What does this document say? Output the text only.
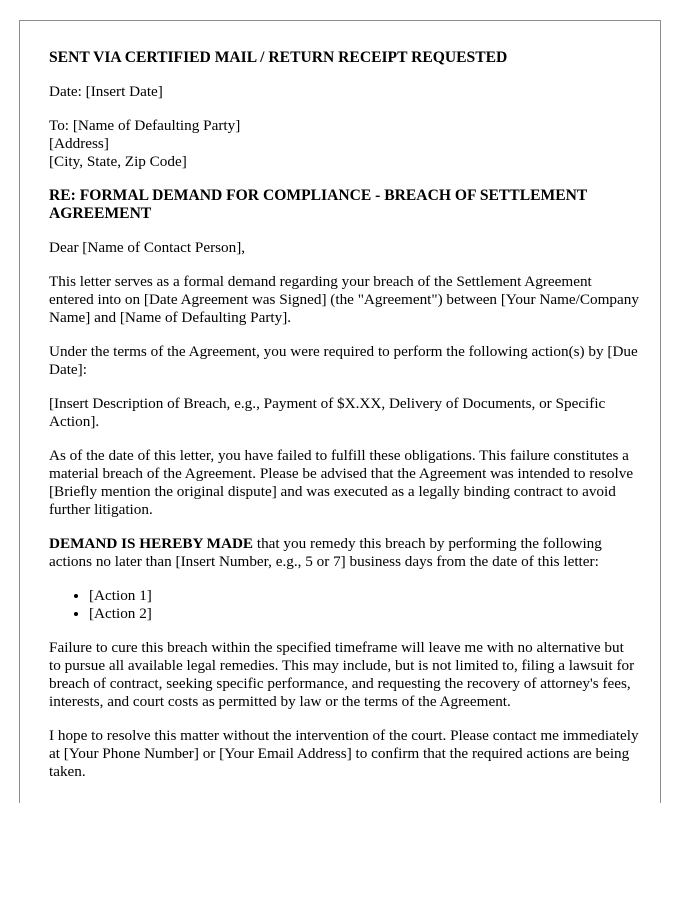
SENT VIA CERTIFIED MAIL / RETURN RECEIPT REQUESTED

Date: [Insert Date]

To: [Name of Defaulting Party]
[Address]
[City, State, Zip Code]

RE: FORMAL DEMAND FOR COMPLIANCE - BREACH OF SETTLEMENT AGREEMENT

Dear [Name of Contact Person],

This letter serves as a formal demand regarding your breach of the Settlement Agreement entered into on [Date Agreement was Signed] (the "Agreement") between [Your Name/Company Name] and [Name of Defaulting Party].

Under the terms of the Agreement, you were required to perform the following action(s) by [Due Date]:

[Insert Description of Breach, e.g., Payment of $X.XX, Delivery of Documents, or Specific Action].

As of the date of this letter, you have failed to fulfill these obligations. This failure constitutes a material breach of the Agreement. Please be advised that the Agreement was intended to resolve [Briefly mention the original dispute] and was executed as a legally binding contract to avoid further litigation.

DEMAND IS HEREBY MADE that you remedy this breach by performing the following actions no later than [Insert Number, e.g., 5 or 7] business days from the date of this letter:

• [Action 1]
• [Action 2]

Failure to cure this breach within the specified timeframe will leave me with no alternative but to pursue all available legal remedies. This may include, but is not limited to, filing a lawsuit for breach of contract, seeking specific performance, and requesting the recovery of attorney's fees, interests, and court costs as permitted by law or the terms of the Agreement.

I hope to resolve this matter without the intervention of the court. Please contact me immediately at [Your Phone Number] or [Your Email Address] to confirm that the required actions are being taken.
